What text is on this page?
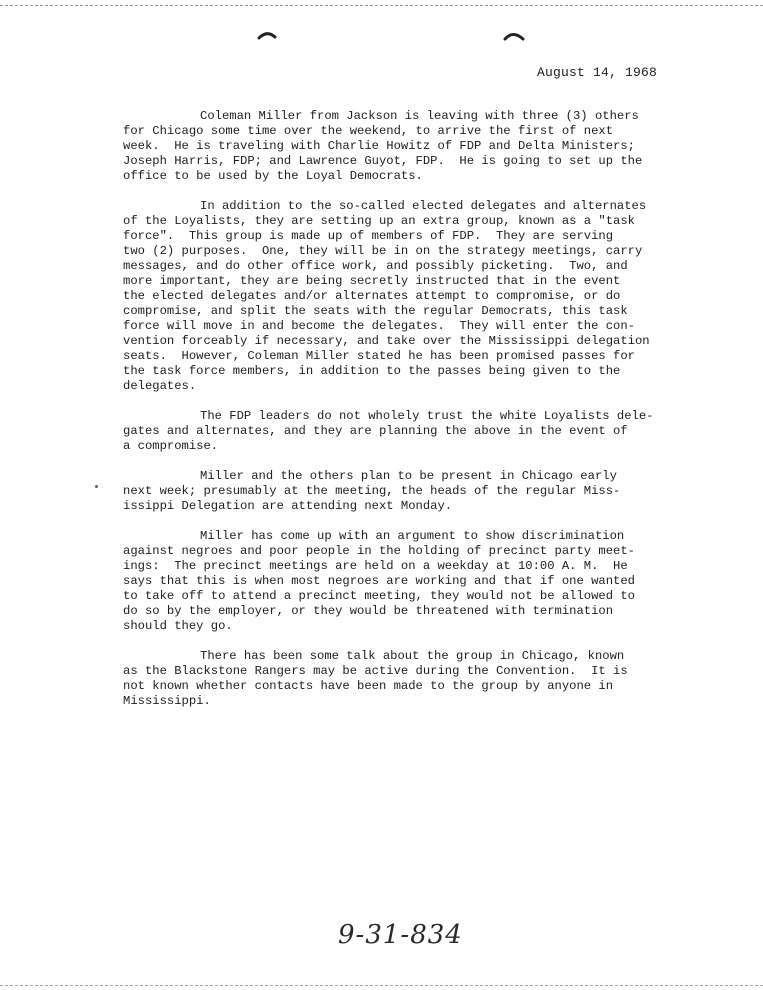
August 14, 1968

Coleman Miller from Jackson is leaving with three (3) others
for Chicago some time over the weekend, to arrive the first of next
week.  He is traveling with Charlie Howitz of FDP and Delta Ministers;
Joseph Harris, FDP; and Lawrence Guyot, FDP.  He is going to set up the
office to be used by the Loyal Democrats.

In addition to the so-called elected delegates and alternates
of the Loyalists, they are setting up an extra group, known as a "task
force".  This group is made up of members of FDP.  They are serving
two (2) purposes.  One, they will be in on the strategy meetings, carry
messages, and do other office work, and possibly picketing.  Two, and
more important, they are being secretly instructed that in the event
the elected delegates and/or alternates attempt to compromise, or do
compromise, and split the seats with the regular Democrats, this task
force will move in and become the delegates.  They will enter the con-
vention forceably if necessary, and take over the Mississippi delegation
seats.  However, Coleman Miller stated he has been promised passes for
the task force members, in addition to the passes being given to the
delegates.

The FDP leaders do not wholely trust the white Loyalists dele-
gates and alternates, and they are planning the above in the event of
a compromise.

Miller and the others plan to be present in Chicago early
next week; presumably at the meeting, the heads of the regular Miss-
issippi Delegation are attending next Monday.

Miller has come up with an argument to show discrimination
against negroes and poor people in the holding of precinct party meet-
ings:  The precinct meetings are held on a weekday at 10:00 A. M.  He
says that this is when most negroes are working and that if one wanted
to take off to attend a precinct meeting, they would not be allowed to
do so by the employer, or they would be threatened with termination
should they go.

There has been some talk about the group in Chicago, known
as the Blackstone Rangers may be active during the Convention.  It is
not known whether contacts have been made to the group by anyone in
Mississippi.

9-31-834
